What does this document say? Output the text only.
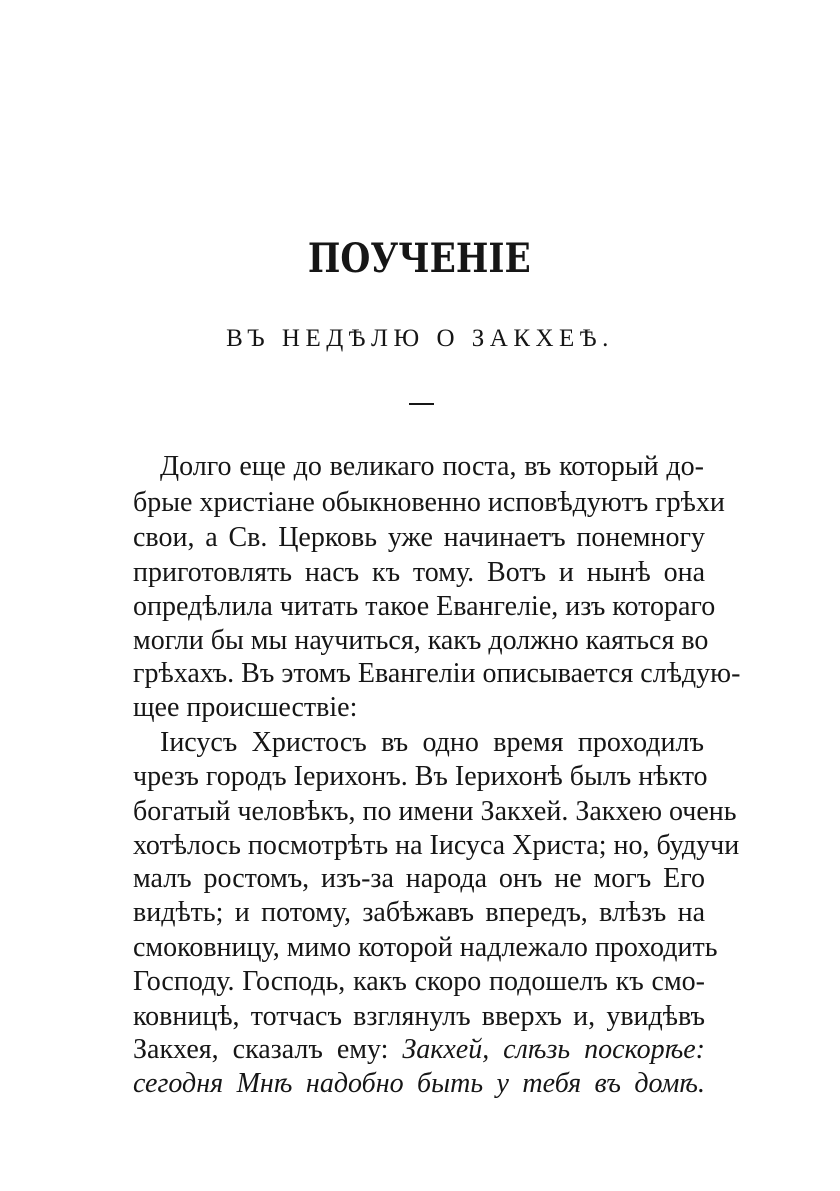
ПОУЧЕНІЕ
ВЪ НЕДѢЛЮ О ЗАКХЕѢ.
Долго еще до великаго поста, въ который до-
брые христіане обыкновенно исповѣдуютъ грѣхи
свои, а Св. Церковь уже начинаетъ понемногу
приготовлять насъ къ тому. Вотъ и нынѣ она
опредѣлила читать такое Евангеліе, изъ котораго
могли бы мы научиться, какъ должно каяться во
грѣхахъ. Въ этомъ Евангеліи описывается слѣдую-
щее происшествіе:
Іисусъ Христосъ въ одно время проходилъ
чрезъ городъ Іерихонъ. Въ Іерихонѣ былъ нѣкто
богатый человѣкъ, по имени Закхей. Закхею очень
хотѣлось посмотрѣть на Іисуса Христа; но, будучи
малъ ростомъ, изъ-за народа онъ не могъ Его
видѣть; и потому, забѣжавъ впередъ, влѣзъ на
смоковницу, мимо которой надлежало проходить
Господу. Господь, какъ скоро подошелъ къ смо-
ковницѣ, тотчасъ взглянулъ вверхъ и, увидѣвъ
Закхея, сказалъ ему: Закхей, слѣзь поскорѣе:
сегодня Мнѣ надобно быть у тебя въ домѣ.
